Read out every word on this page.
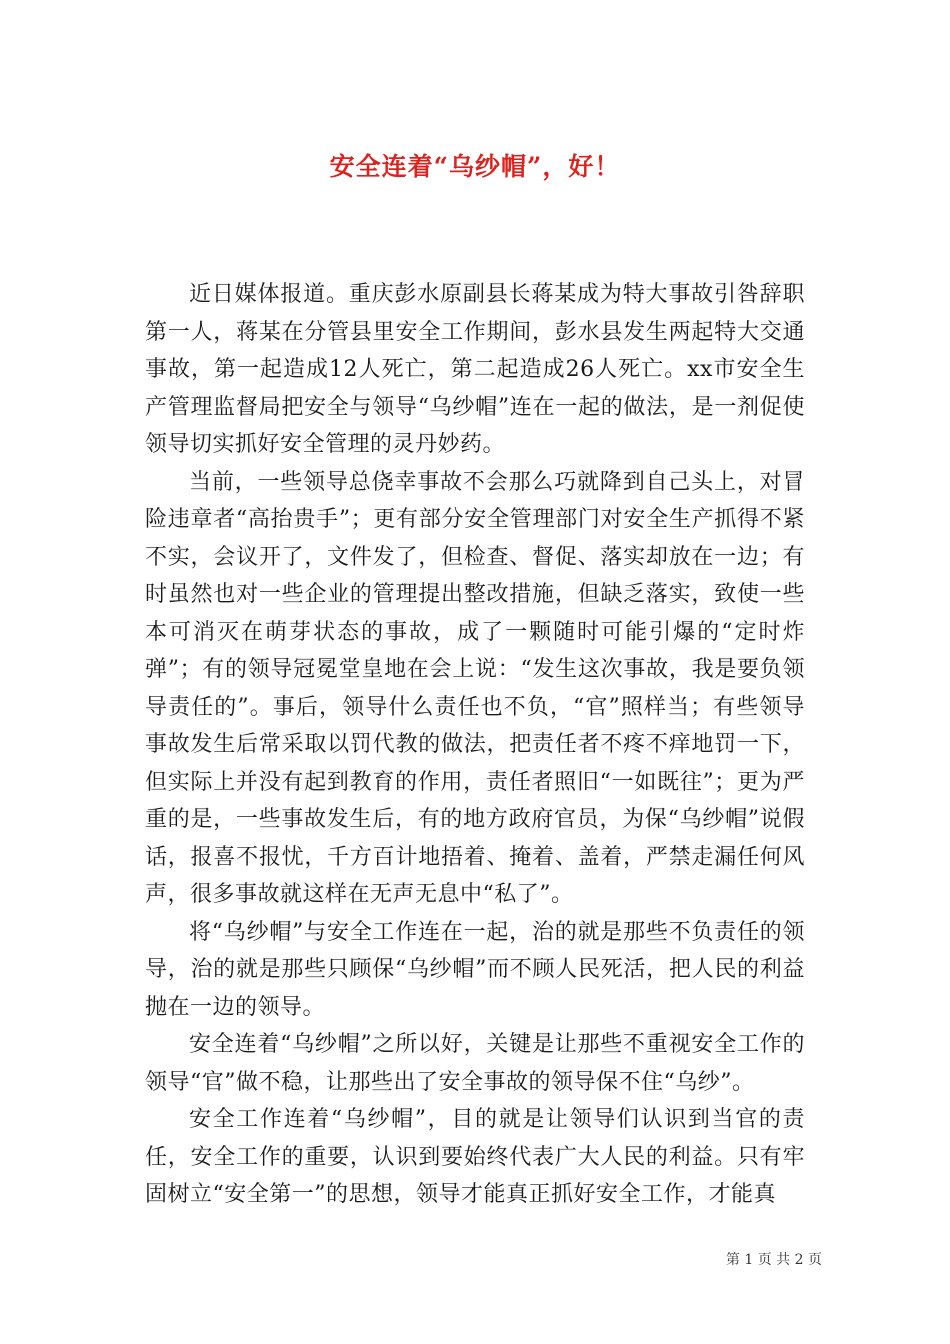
安全连着“乌纱帽”，好！

近日媒体报道。重庆彭水原副县长蒋某成为特大事故引咎辞职第一人，蒋某在分管县里安全工作期间，彭水县发生两起特大交通事故，第一起造成12人死亡，第二起造成26人死亡。xx市安全生产管理监督局把安全与领导“乌纱帽”连在一起的做法，是一剂促使领导切实抓好安全管理的灵丹妙药。

当前，一些领导总侥幸事故不会那么巧就降到自己头上，对冒险违章者“高抬贵手”；更有部分安全管理部门对安全生产抓得不紧不实，会议开了，文件发了，但检查、督促、落实却放在一边；有时虽然也对一些企业的管理提出整改措施，但缺乏落实，致使一些本可消灭在萌芽状态的事故，成了一颗随时可能引爆的“定时炸弹”；有的领导冠冕堂皇地在会上说：“发生这次事故，我是要负领导责任的”。事后，领导什么责任也不负，“官”照样当；有些领导事故发生后常采取以罚代教的做法，把责任者不疼不痒地罚一下，但实际上并没有起到教育的作用，责任者照旧“一如既往”；更为严重的是，一些事故发生后，有的地方政府官员，为保“乌纱帽”说假话，报喜不报忧，千方百计地捂着、掩着、盖着，严禁走漏任何风声，很多事故就这样在无声无息中“私了”。

将“乌纱帽”与安全工作连在一起，治的就是那些不负责任的领导，治的就是那些只顾保“乌纱帽”而不顾人民死活，把人民的利益抛在一边的领导。

安全连着“乌纱帽”之所以好，关键是让那些不重视安全工作的领导“官”做不稳，让那些出了安全事故的领导保不住“乌纱”。

安全工作连着“乌纱帽”，目的就是让领导们认识到当官的责任，安全工作的重要，认识到要始终代表广大人民的利益。只有牢固树立“安全第一”的思想，领导才能真正抓好安全工作，才能真

第 1 页 共 2 页
